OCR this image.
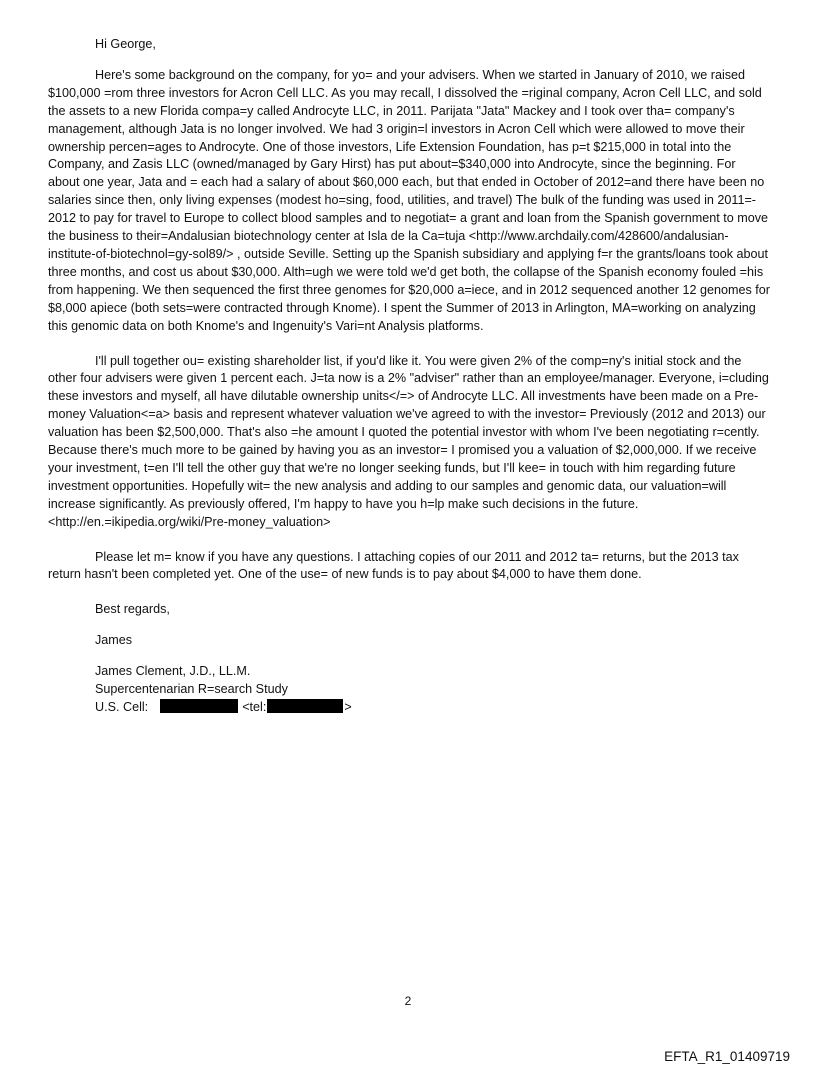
Hi George,

Here's some background on the company, for yo= and your advisers. When we started in January of 2010, we raised $100,000 =rom three investors for Acron Cell LLC. As you may recall, I dissolved the =riginal company, Acron Cell LLC, and sold the assets to a new Florida compa=y called Androcyte LLC, in 2011. Parijata "Jata" Mackey and I took over tha= company's management, although Jata is no longer involved. We had 3 origin=l investors in Acron Cell which were allowed to move their ownership percen=ages to Androcyte. One of those investors, Life Extension Foundation, has p=t $215,000 in total into the Company, and Zasis LLC (owned/managed by Gary Hirst) has put about=$340,000 into Androcyte, since the beginning. For about one year, Jata and = each had a salary of about $60,000 each, but that ended in October of 2012=and there have been no salaries since then, only living expenses (modest ho=sing, food, utilities, and travel) The bulk of the funding was used in 2011=- 2012 to pay for travel to Europe to collect blood samples and to negotiat= a grant and loan from the Spanish government to move the business to their=Andalusian biotechnology center at Isla de la Ca=tuja <http://www.archdaily.com/428600/andalusian-institute-of-biotechnol=gy-sol89/> , outside Seville. Setting up the Spanish subsidiary and applying f=r the grants/loans took about three months, and cost us about $30,000. Alth=ugh we were told we'd get both, the collapse of the Spanish economy fouled =his from happening. We then sequenced the first three genomes for $20,000 a=iece, and in 2012 sequenced another 12 genomes for $8,000 apiece (both sets=were contracted through Knome). I spent the Summer of 2013 in Arlington, MA=working on analyzing this genomic data on both Knome's and Ingenuity's Vari=nt Analysis platforms.

I'll pull together ou= existing shareholder list, if you'd like it. You were given 2% of the comp=ny's initial stock and the other four advisers were given 1 percent each. J=ta now is a 2% "adviser" rather than an employee/manager. Everyone, i=cluding these investors and myself, all have dilutable ownership units</=> of Androcyte LLC. All investments have been made on a Pre-money Valuation<=a> basis and represent whatever valuation we've agreed to with the investor= Previously (2012 and 2013) our valuation has been $2,500,000. That's also =he amount I quoted the potential investor with whom I've been negotiating r=cently. Because there's much more to be gained by having you as an investor= I promised you a valuation of $2,000,000. If we receive your investment, t=en I'll tell the other guy that we're no longer seeking funds, but I'll kee= in touch with him regarding future investment opportunities. Hopefully wit= the new analysis and adding to our samples and genomic data, our valuation=will increase significantly. As previously offered, I'm happy to have you h=lp make such decisions in the future. <http://en.=ikipedia.org/wiki/Pre-money_valuation>

Please let m= know if you have any questions. I attaching copies of our 2011 and 2012 ta= returns, but the 2013 tax return hasn't been completed yet. One of the use= of new funds is to pay about $4,000 to have them done.

Best regards,

James

James Clement, J.D., LL.M.
Supercentenarian R=search Study
U.S. Cell:	<tel:	>
2
EFTA_R1_01409719
